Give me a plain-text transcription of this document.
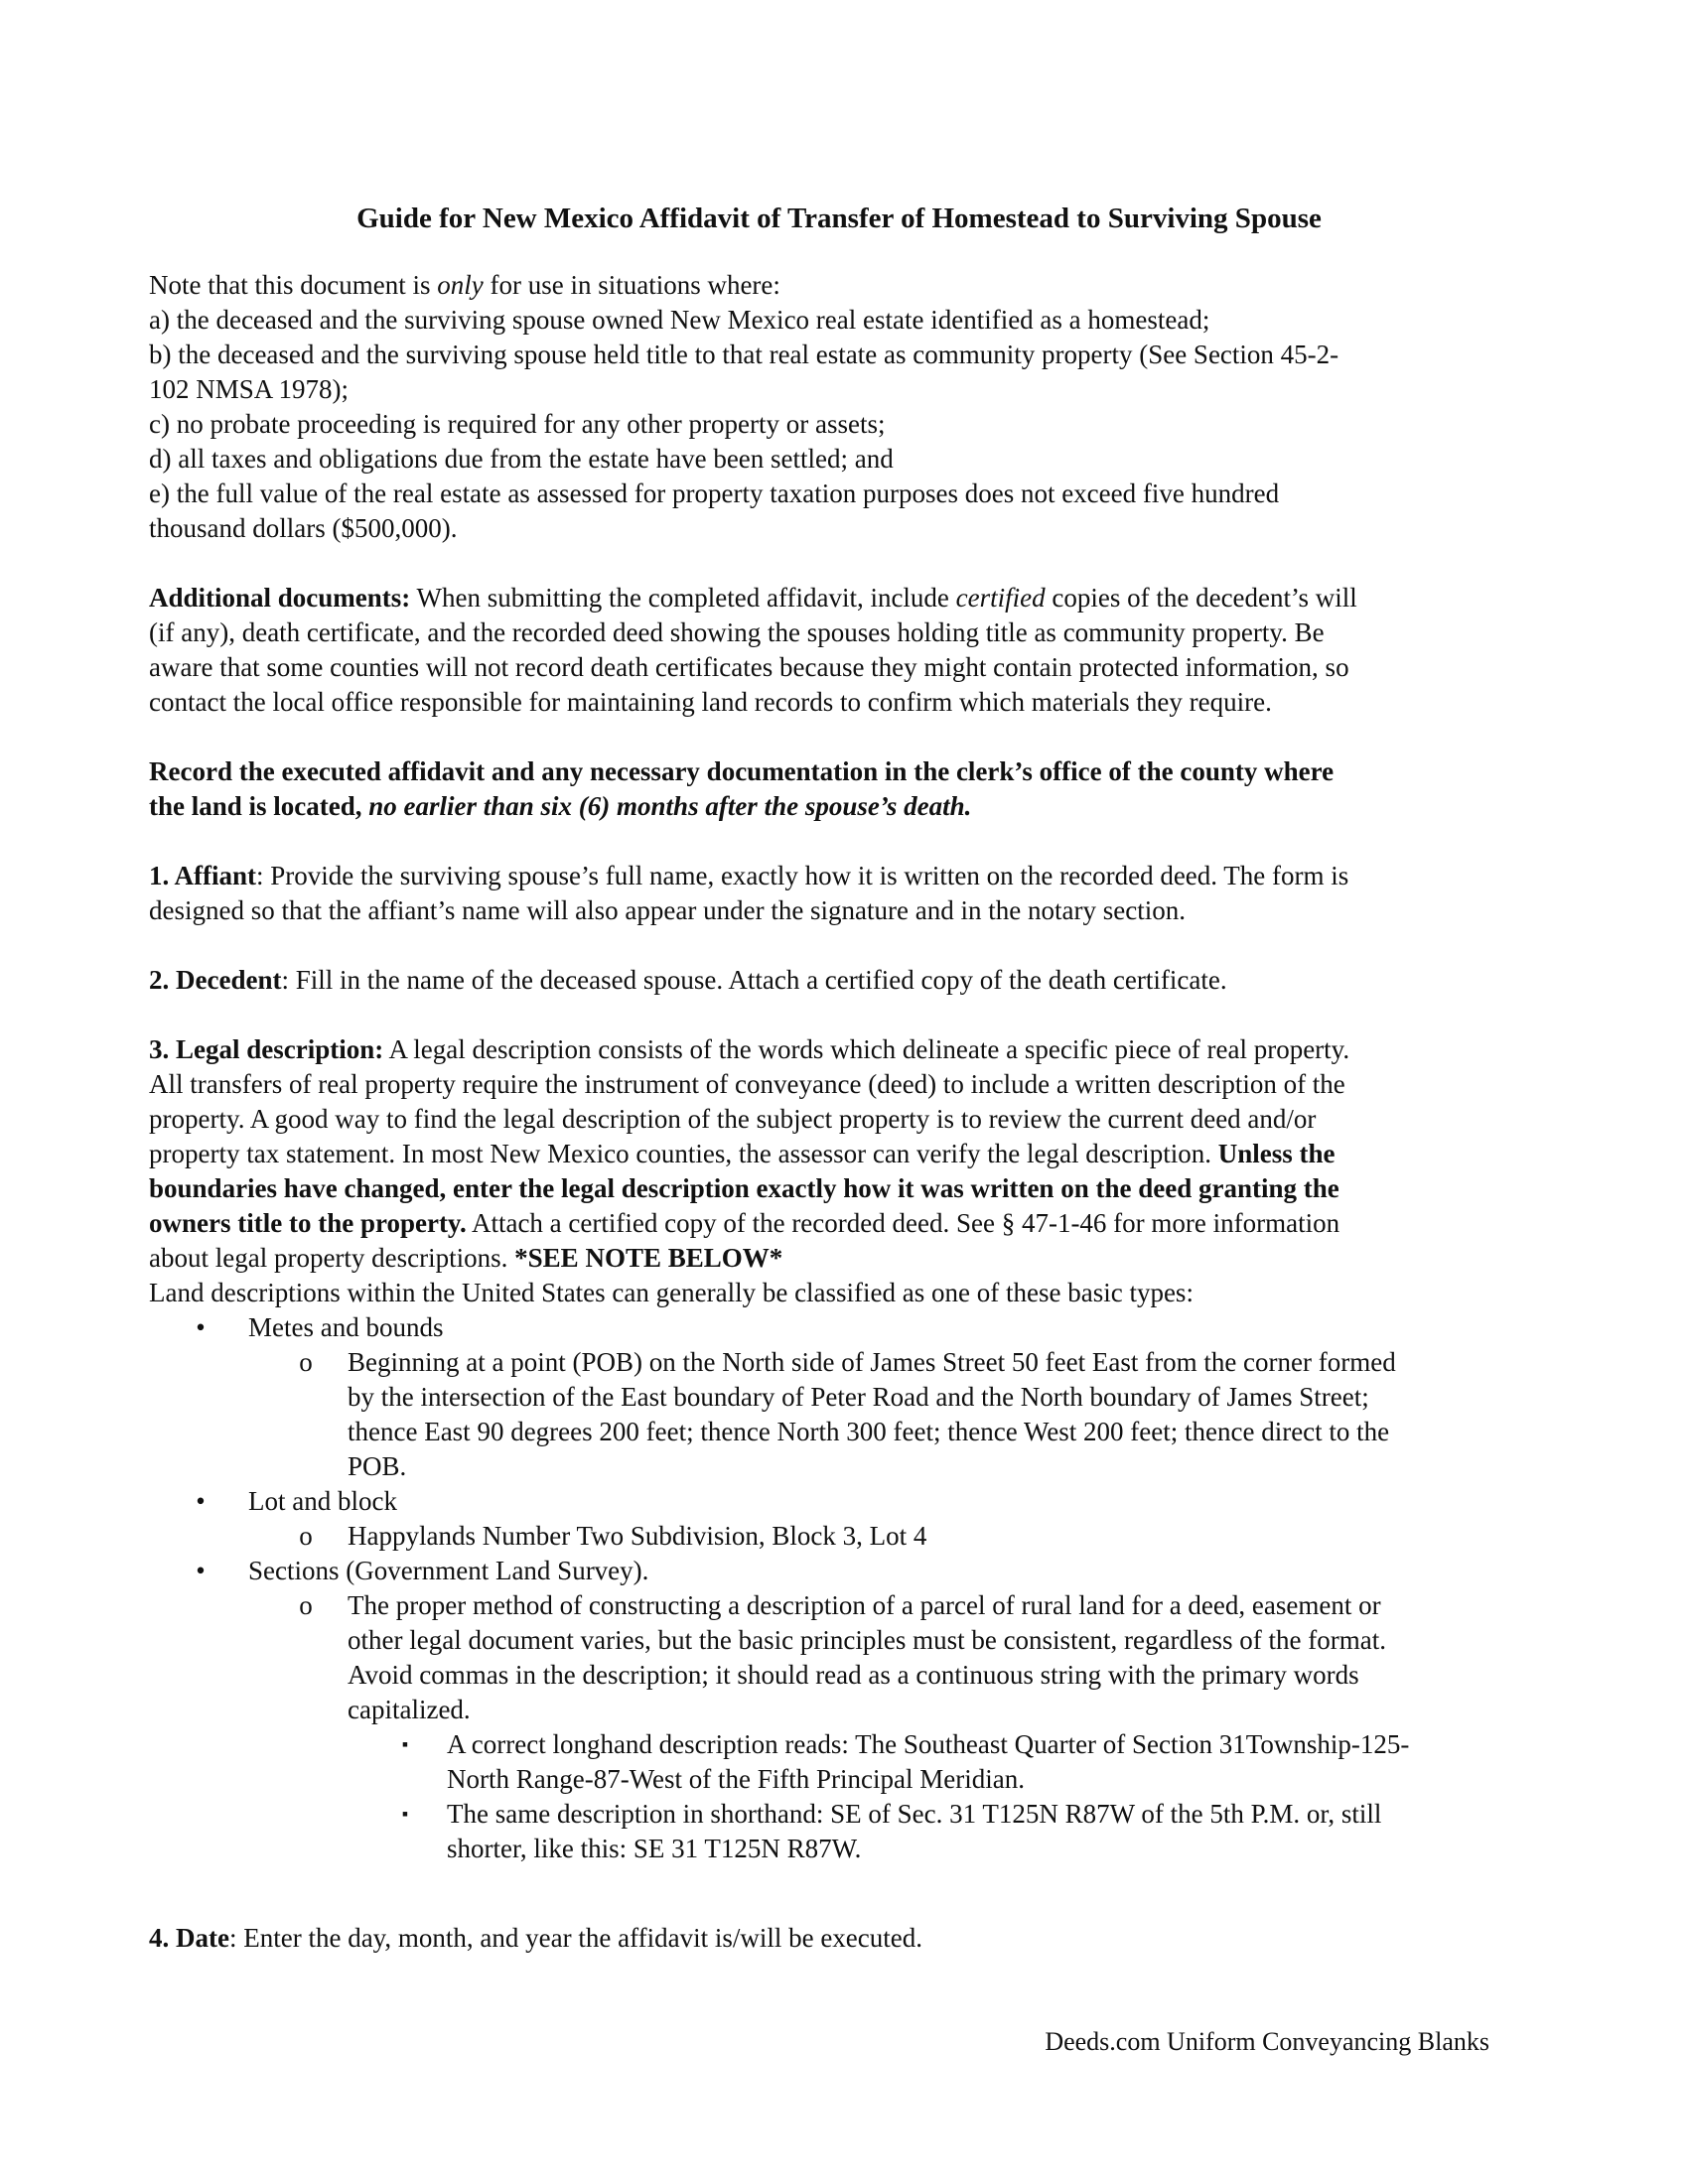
Guide for New Mexico Affidavit of Transfer of Homestead to Surviving Spouse
Note that this document is only for use in situations where:
a) the deceased and the surviving spouse owned New Mexico real estate identified as a homestead;
b) the deceased and the surviving spouse held title to that real estate as community property (See Section 45-2-
102 NMSA 1978);
c) no probate proceeding is required for any other property or assets;
d) all taxes and obligations due from the estate have been settled; and
e) the full value of the real estate as assessed for property taxation purposes does not exceed five hundred
thousand dollars ($500,000).
Additional documents: When submitting the completed affidavit, include certified copies of the decedent’s will
(if any), death certificate, and the recorded deed showing the spouses holding title as community property. Be
aware that some counties will not record death certificates because they might contain protected information, so
contact the local office responsible for maintaining land records to confirm which materials they require.
Record the executed affidavit and any necessary documentation in the clerk’s office of the county where
the land is located, no earlier than six (6) months after the spouse’s death.
1. Affiant: Provide the surviving spouse’s full name, exactly how it is written on the recorded deed. The form is
designed so that the affiant’s name will also appear under the signature and in the notary section.
2. Decedent: Fill in the name of the deceased spouse. Attach a certified copy of the death certificate.
3. Legal description: A legal description consists of the words which delineate a specific piece of real property.
All transfers of real property require the instrument of conveyance (deed) to include a written description of the
property. A good way to find the legal description of the subject property is to review the current deed and/or
property tax statement. In most New Mexico counties, the assessor can verify the legal description. Unless the
boundaries have changed, enter the legal description exactly how it was written on the deed granting the
owners title to the property. Attach a certified copy of the recorded deed. See § 47-1-46 for more information
about legal property descriptions. *SEE NOTE BELOW*
Land descriptions within the United States can generally be classified as one of these basic types:
• Metes and bounds
o Beginning at a point (POB) on the North side of James Street 50 feet East from the corner formed
by the intersection of the East boundary of Peter Road and the North boundary of James Street;
thence East 90 degrees 200 feet; thence North 300 feet; thence West 200 feet; thence direct to the
POB.
• Lot and block
o Happylands Number Two Subdivision, Block 3, Lot 4
• Sections (Government Land Survey).
o The proper method of constructing a description of a parcel of rural land for a deed, easement or
other legal document varies, but the basic principles must be consistent, regardless of the format.
Avoid commas in the description; it should read as a continuous string with the primary words
capitalized.
▪ A correct longhand description reads: The Southeast Quarter of Section 31Township-125-
North Range-87-West of the Fifth Principal Meridian.
▪ The same description in shorthand: SE of Sec. 31 T125N R87W of the 5th P.M. or, still
shorter, like this: SE 31 T125N R87W.
4. Date: Enter the day, month, and year the affidavit is/will be executed.
Deeds.com Uniform Conveyancing Blanks
